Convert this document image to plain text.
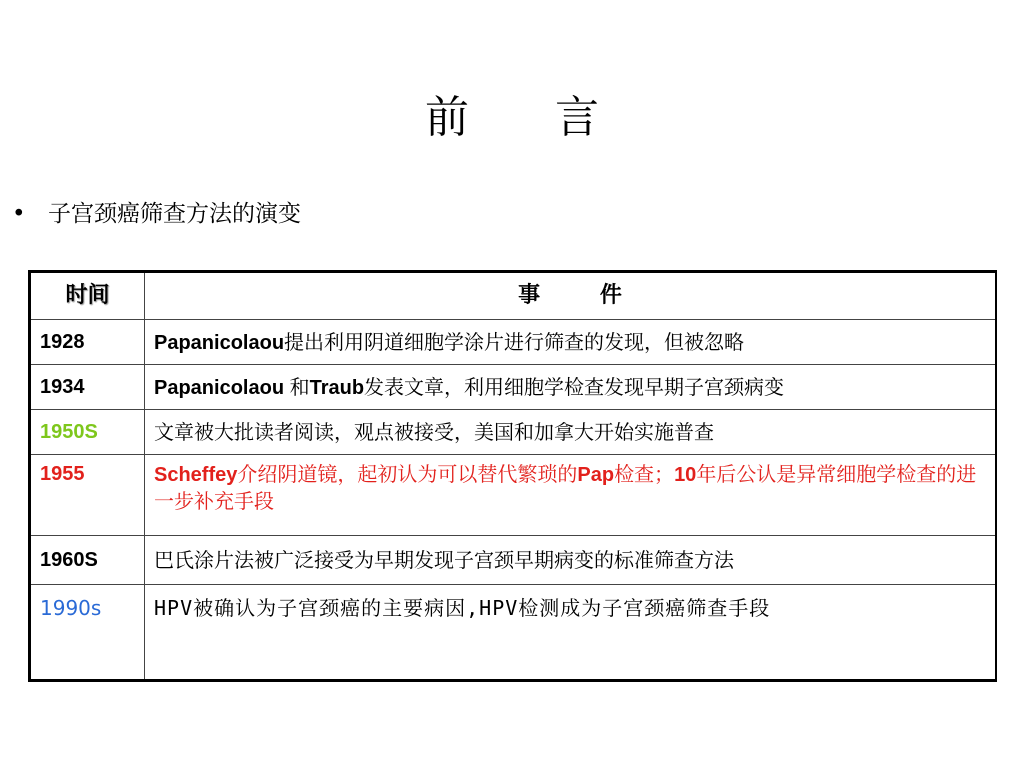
前 言
• 子宫颈癌筛查方法的演变
时间	事 件
1928	Papanicolaou提出利用阴道细胞学涂片进行筛查的发现，但被忽略
1934	Papanicolaou 和Traub发表文章，利用细胞学检查发现早期子宫颈病变
1950S	文章被大批读者阅读，观点被接受，美国和加拿大开始实施普查
1955	Scheffey介绍阴道镜，起初认为可以替代繁琐的Pap检查；10年后公认是异常细胞学检查的进一步补充手段
1960S	巴氏涂片法被广泛接受为早期发现子宫颈早期病变的标准筛查方法
1990s	HPV被确认为子宫颈癌的主要病因,HPV检测成为子宫颈癌筛查手段
